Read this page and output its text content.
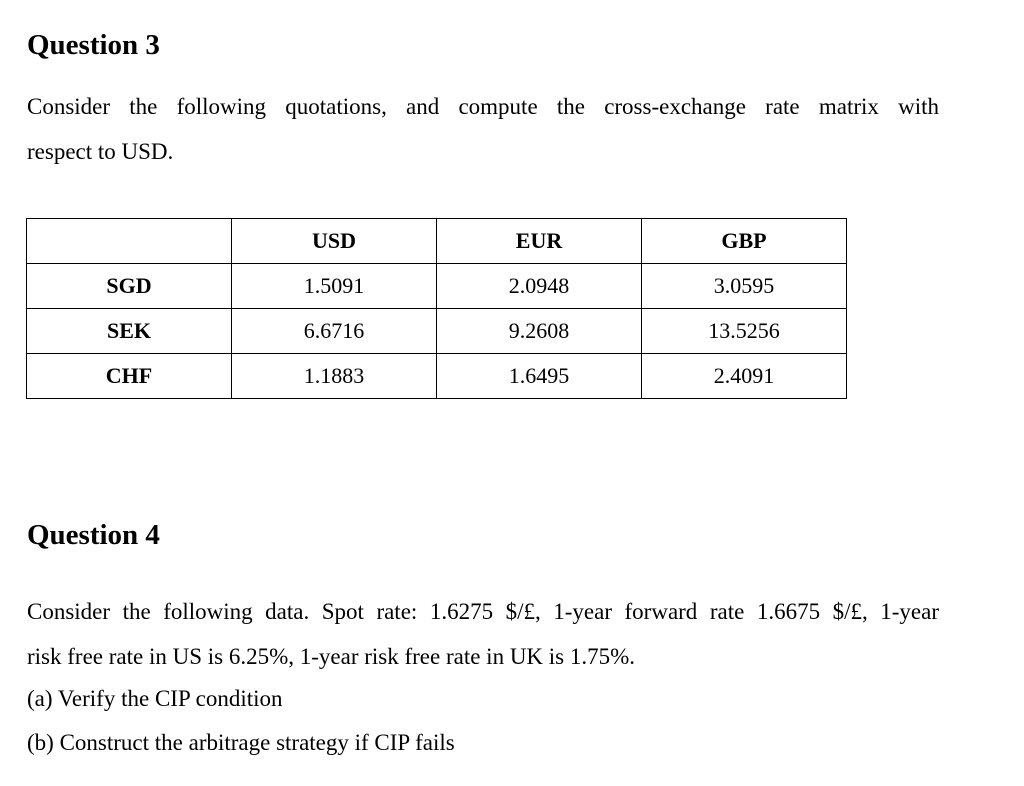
Question 3

Consider the following quotations, and compute the cross-exchange rate matrix with

respect to USD.

	USD	EUR	GBP
SGD	1.5091	2.0948	3.0595
SEK	6.6716	9.2608	13.5256
CHF	1.1883	1.6495	2.4091
Question 4

Consider the following data. Spot rate: 1.6275 $/£, 1-year forward rate 1.6675 $/£, 1-year

risk free rate in US is 6.25%, 1-year risk free rate in UK is 1.75%.

(a) Verify the CIP condition

(b) Construct the arbitrage strategy if CIP fails
